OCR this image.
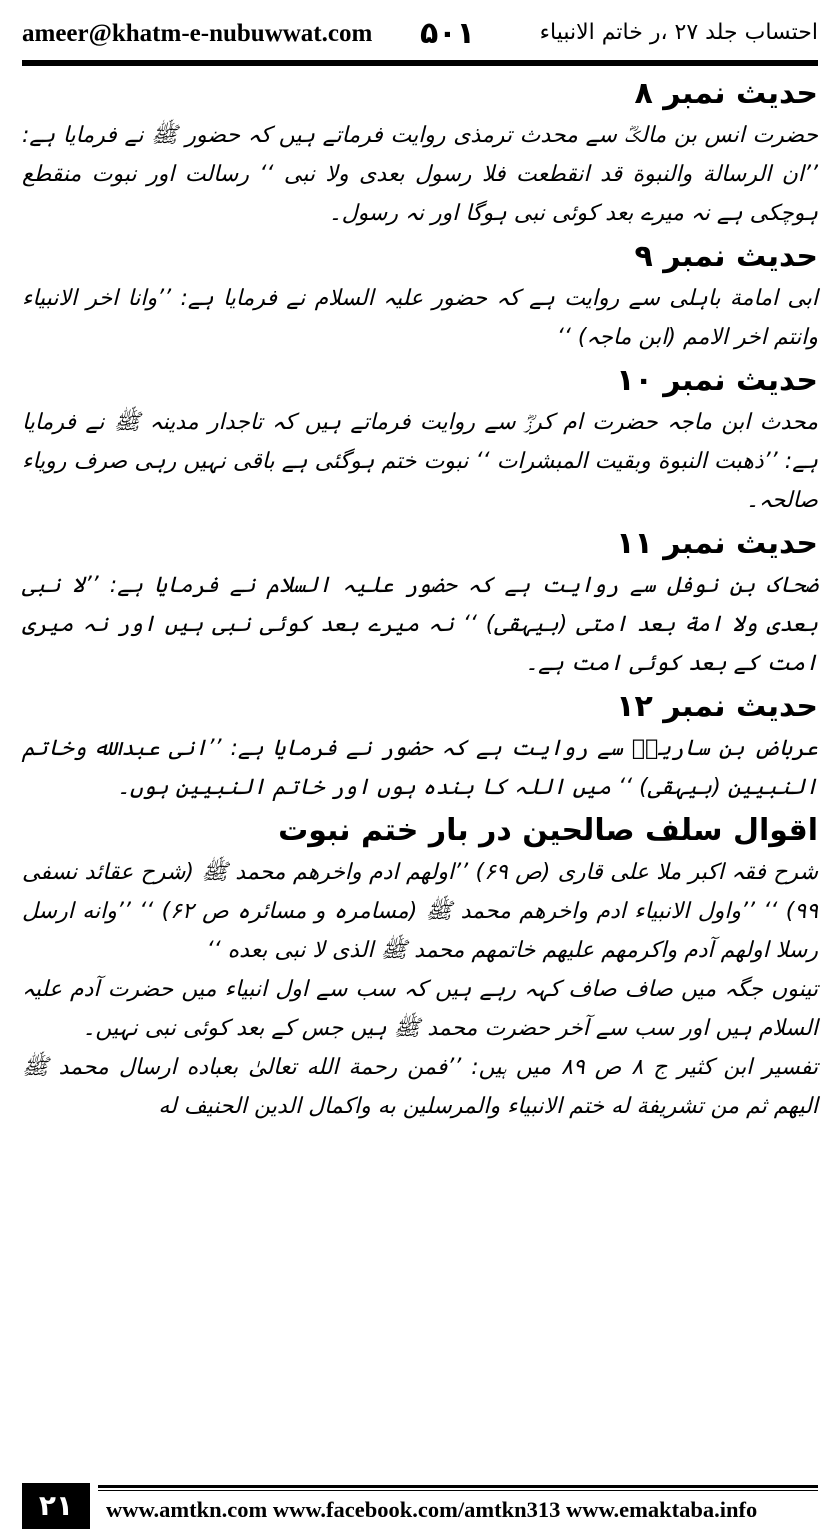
ameer@khatm-e-nubuwwat.com ۵۰۱	احتساب جلد ۲۷ ،ر خاتم الانبیاء
حدیث نمبر ۸

حضرت انس بن مالکؓ سے محدث ترمذی روایت فرماتے ہیں کہ حضور ﷺ نے فرمایا ہے: ’’ان الرسالة والنبوة قد انقطعت فلا رسول بعدی ولا نبی ‘‘ رسالت اور نبوت منقطع ہوچکی ہے نہ میرے بعد کوئی نبی ہوگا اور نہ رسول۔

حدیث نمبر ۹

ابی امامة باہلی سے روایت ہے کہ حضور علیہ السلام نے فرمایا ہے: ’’وانا اخر الانبیاء وانتم اخر الامم (ابن ماجہ) ‘‘

حدیث نمبر ۱۰

محدث ابن ماجہ حضرت ام کرزؓ سے روایت فرماتے ہیں کہ تاجدار مدینہ ﷺ نے فرمایا ہے: ’’ذهبت النبوة وبقيت المبشرات ‘‘ نبوت ختم ہوگئی ہے باقی نہیں رہی صرف رویاء صالحہ۔

حدیث نمبر ۱۱

ضحاک بن نوفل سے روایت ہے کہ حضور علیہ السلام نے فرمایا ہے: ’’لا نبی بعدی ولا امة بعد امتی (بیہقی) ‘‘ نہ میرے بعد کوئی نبی ہیں اور نہ میری امت کے بعد کوئی امت ہے۔

حدیث نمبر ۱۲

عرباض بن ساریہؓ سے روایت ہے کہ حضور نے فرمایا ہے: ’’انی عبدالله وخاتم النبیین (بیہقی) ‘‘ میں اللہ کا بندہ ہوں اور خاتم النبیین ہوں۔

اقوال سلف صالحین در بار ختم نبوت

شرح فقہ اکبر ملا علی قاری (ص ۶۹) ’’اولهم ادم واخرهم محمد ﷺ (شرح عقائد نسفی ۹۹) ‘‘ ’’واول الانبیاء ادم واخرهم محمد ﷺ (مسامرہ و مسائرہ ص ۶۲) ‘‘ ’’وانه ارسل رسلا اولهم آدم واکرمهم علیهم خاتمهم محمد ﷺ الذی لا نبی بعده ‘‘

تینوں جگہ میں صاف صاف کہہ رہے ہیں کہ سب سے اول انبیاء میں حضرت آدم علیہ السلام ہیں اور سب سے آخر حضرت محمد ﷺ ہیں جس کے بعد کوئی نبی نہیں۔

تفسیر ابن کثیر ج ۸ ص ۸۹ میں ہیں: ’’فمن رحمة الله تعالیٰ بعباده ارسال محمد ﷺ الیهم ثم من تشریفة له ختم الانبیاء والمرسلین به واکمال الدین الحنیف له

۲۱	www.amtkn.com www.facebook.com/amtkn313 www.emaktaba.info
